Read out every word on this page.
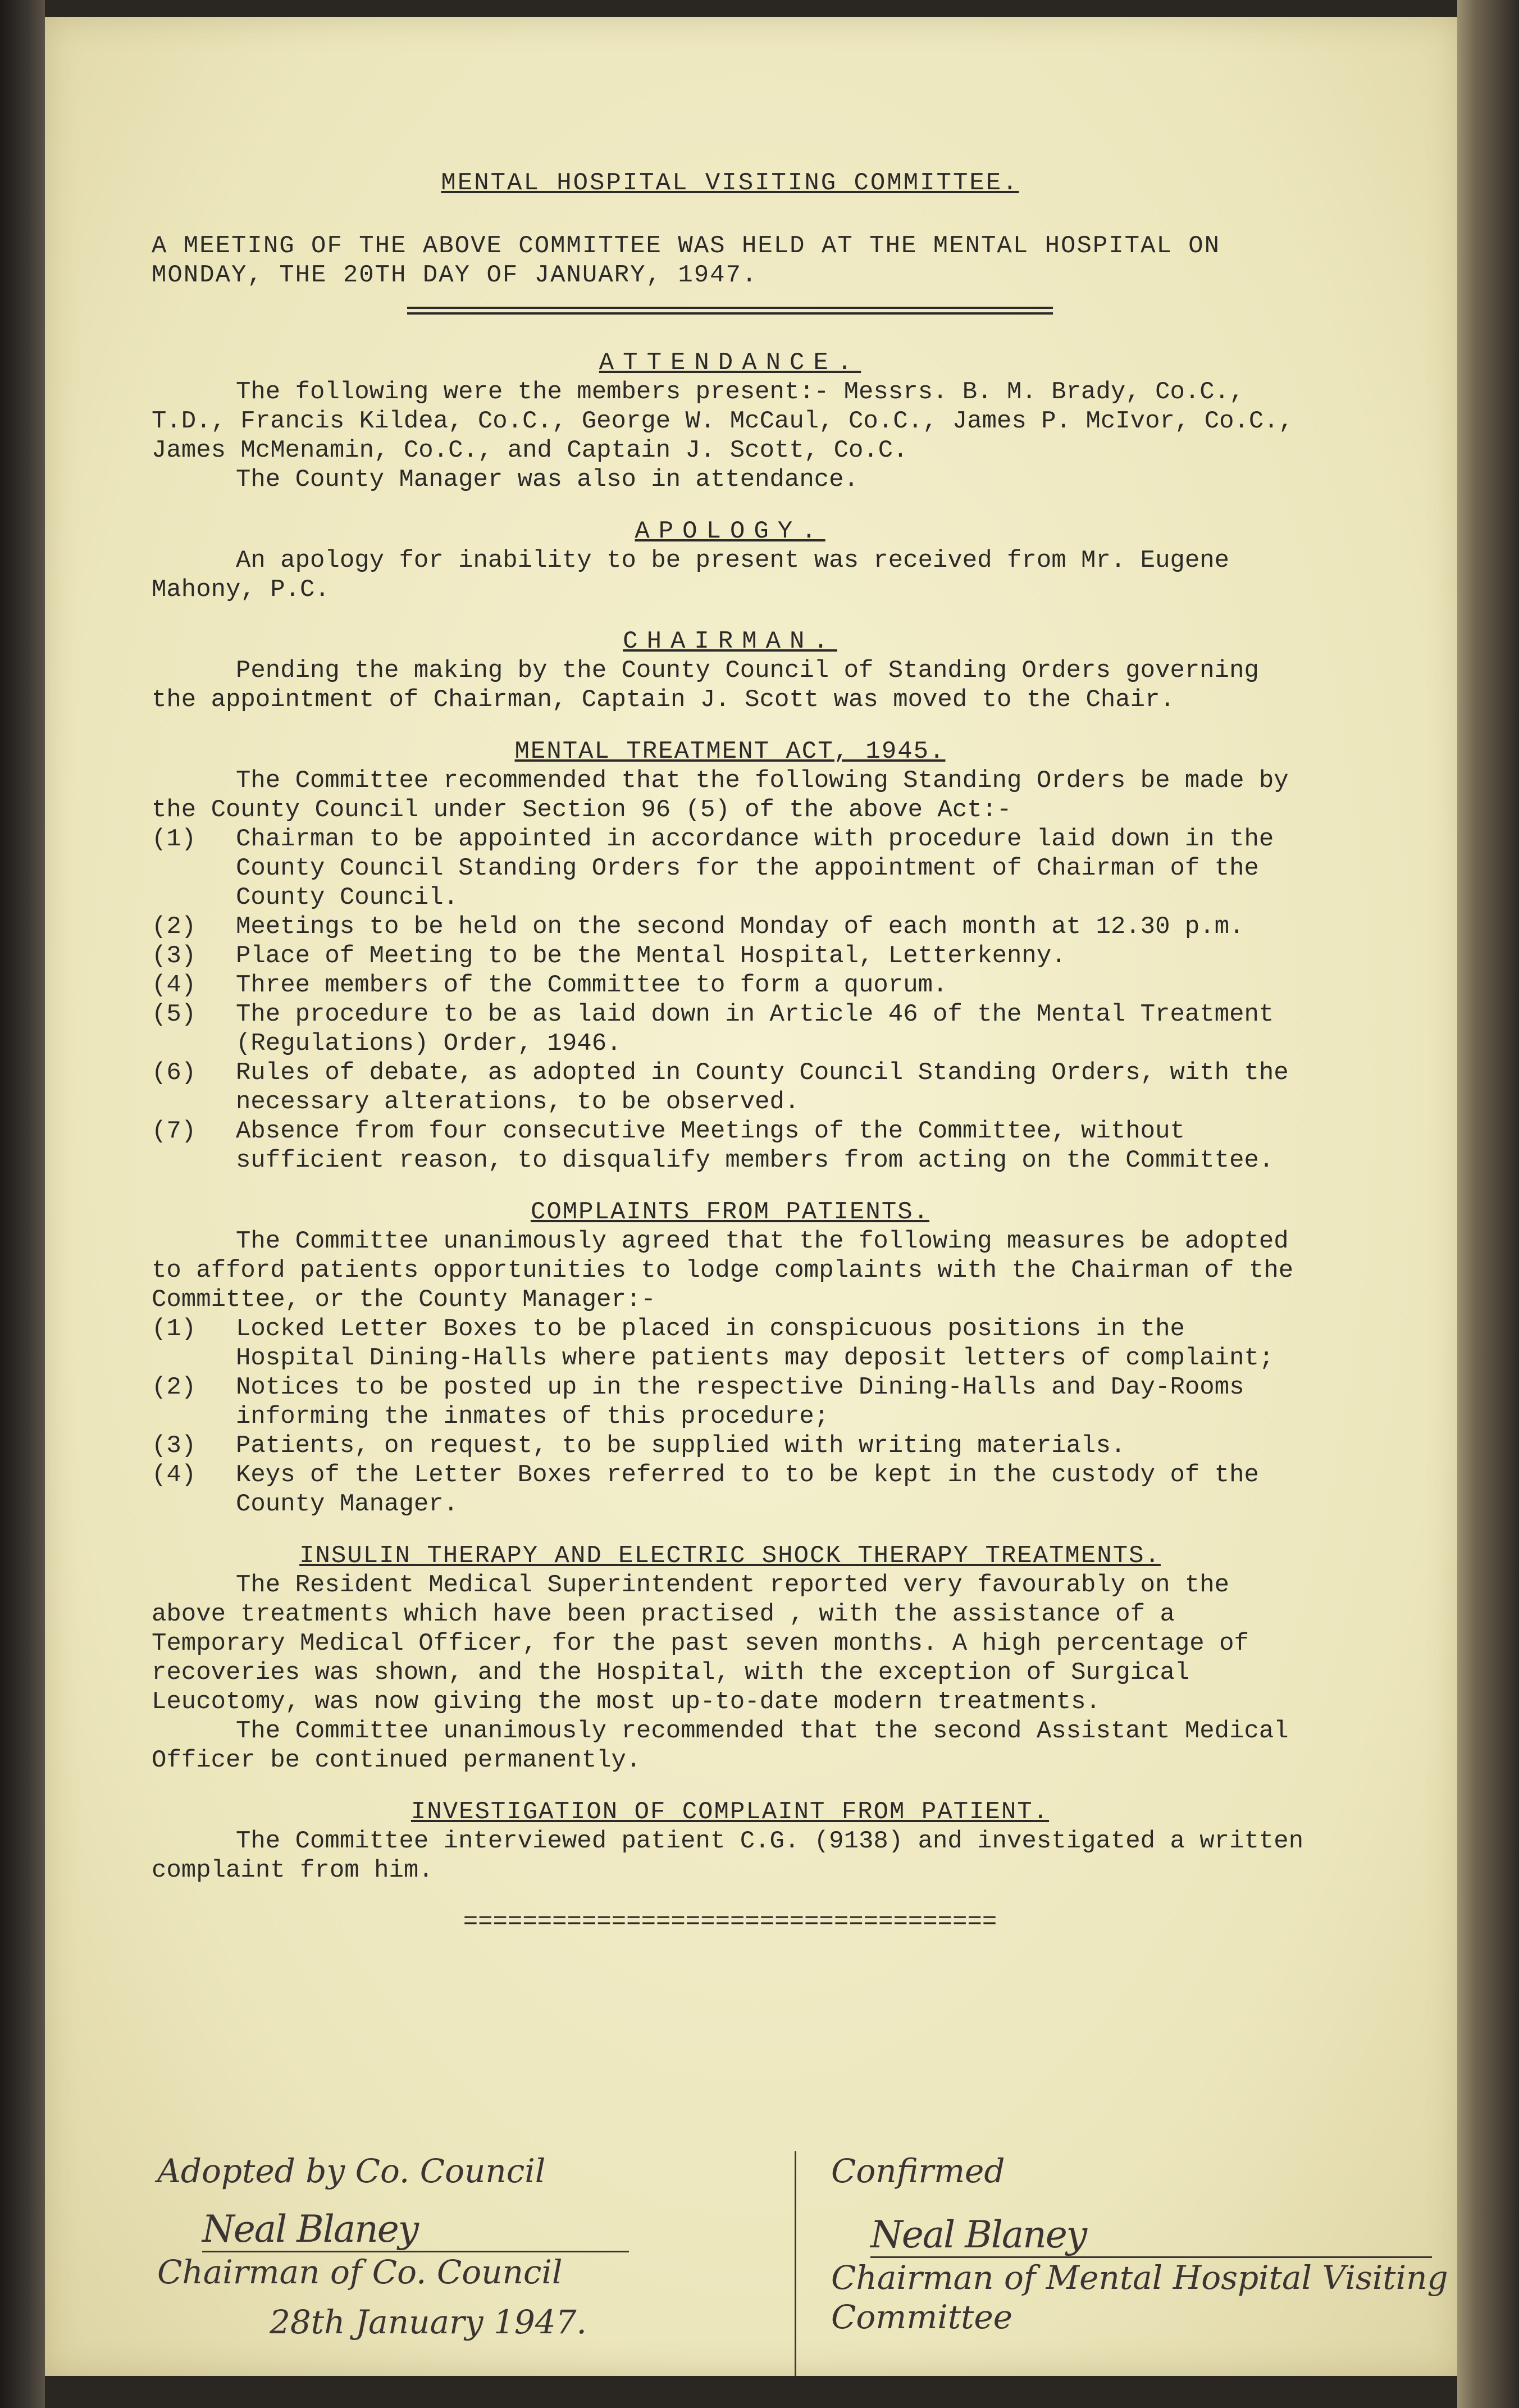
MENTAL HOSPITAL VISITING COMMITTEE.

A MEETING OF THE ABOVE COMMITTEE WAS HELD AT THE MENTAL HOSPITAL ON MONDAY, THE 20TH DAY OF JANUARY, 1947.

ATTENDANCE.

The following were the members present:- Messrs. B. M. Brady, Co.C., T.D., Francis Kildea, Co.C., George W. McCaul, Co.C., James P. McIvor, Co.C., James McMenamin, Co.C., and Captain J. Scott, Co.C.

The County Manager was also in attendance.

APOLOGY.

An apology for inability to be present was received from Mr. Eugene Mahony, P.C.

CHAIRMAN.

Pending the making by the County Council of Standing Orders governing the appointment of Chairman, Captain J. Scott was moved to the Chair.

MENTAL TREATMENT ACT, 1945.

The Committee recommended that the following Standing Orders be made by the County Council under Section 96 (5) of the above Act:-

(1)	Chairman to be appointed in accordance with procedure laid down in the County Council Standing Orders for the appointment of Chairman of the County Council.
(2)	Meetings to be held on the second Monday of each month at 12.30 p.m.
(3)	Place of Meeting to be the Mental Hospital, Letterkenny.
(4)	Three members of the Committee to form a quorum.
(5)	The procedure to be as laid down in Article 46 of the Mental Treatment (Regulations) Order, 1946.
(6)	Rules of debate, as adopted in County Council Standing Orders, with the necessary alterations, to be observed.
(7)	Absence from four consecutive Meetings of the Committee, without sufficient reason, to disqualify members from acting on the Committee.
COMPLAINTS FROM PATIENTS.

The Committee unanimously agreed that the following measures be adopted to afford patients opportunities to lodge complaints with the Chairman of the Committee, or the County Manager:-

(1)	Locked Letter Boxes to be placed in conspicuous positions in the Hospital Dining-Halls where patients may deposit letters of complaint;
(2)	Notices to be posted up in the respective Dining-Halls and Day-Rooms informing the inmates of this procedure;
(3)	Patients, on request, to be supplied with writing materials.
(4)	Keys of the Letter Boxes referred to to be kept in the custody of the County Manager.
INSULIN THERAPY AND ELECTRIC SHOCK THERAPY TREATMENTS.

The Resident Medical Superintendent reported very favourably on the above treatments which have been practised , with the assistance of a Temporary Medical Officer, for the past seven months. A high percentage of recoveries was shown, and the Hospital, with the exception of Surgical Leucotomy, was now giving the most up-to-date modern treatments.

The Committee unanimously recommended that the second Assistant Medical Officer be continued permanently.

INVESTIGATION OF COMPLAINT FROM PATIENT.

The Committee interviewed patient C.G. (9138) and investigated a written complaint from him.

====================================
Adopted by Co. Council
Neal Blaney
Chairman of Co. Council
28th January 1947.
Confirmed
Neal Blaney
Chairman of Mental Hospital Visiting Committee
